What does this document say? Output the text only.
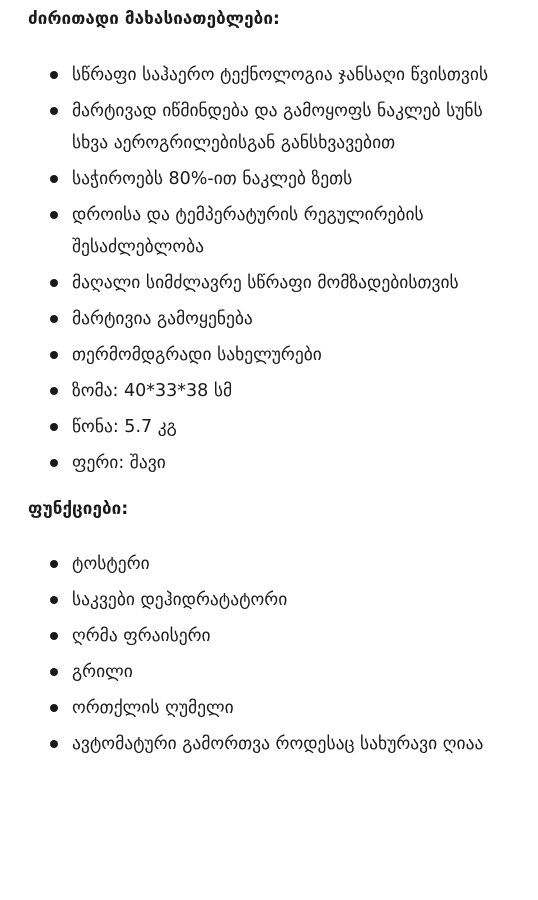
ძირითადი მახასიათებლები:
სწრაფი საჰაერო ტექნოლოგია ჯანსაღი წვისთვის
მარტივად იწმინდება და გამოყოფს ნაკლებ სუნს სხვა აეროგრილებისგან განსხვავებით
საჭიროებს 80%-ით ნაკლებ ზეთს
დროისა და ტემპერატურის რეგულირების შესაძლებლობა
მაღალი სიმძლავრე სწრაფი მომზადებისთვის
მარტივია გამოყენება
თერმომდგრადი სახელურები
ზომა: 40*33*38 სმ
წონა: 5.7 კგ
ფერი: შავი
ფუნქციები:
ტოსტერი
საკვები დეჰიდრატატორი
ღრმა ფრაისერი
გრილი
ორთქლის ღუმელი
ავტომატური გამორთვა როდესაც სახურავი ღიაა
